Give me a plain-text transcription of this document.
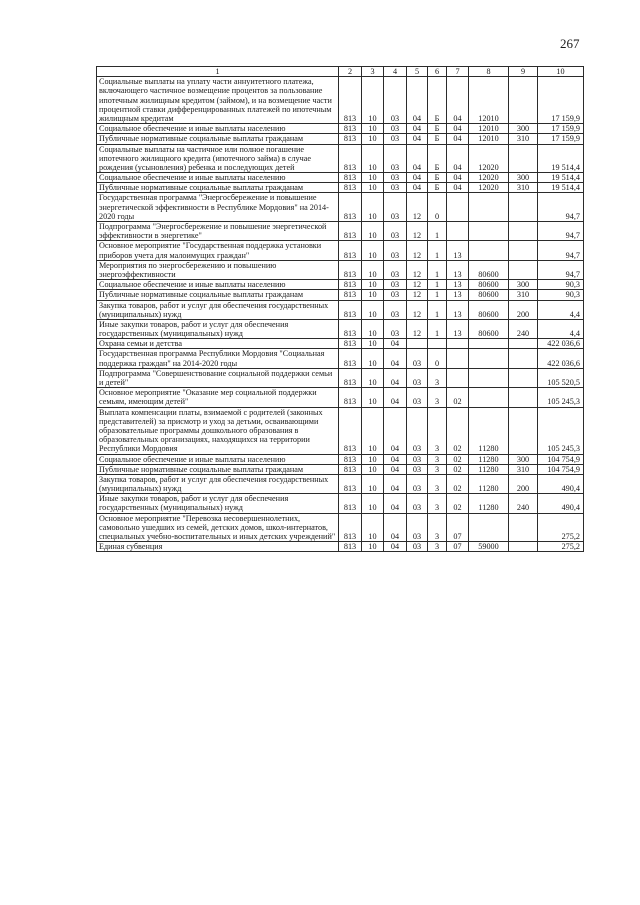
267
1	2	3	4	5	6	7	8	9	10
Социальные выплаты на уплату части аннуитетного платежа, включающего частичное возмещение процентов за пользование ипотечным жилищным кредитом (займом), и на возмещение части процентной ставки дифференцированных платежей по ипотечным жилищным кредитам	813	10	03	04	Б	04	12010		17 159,9
Социальное обеспечение и иные выплаты населению	813	10	03	04	Б	04	12010	300	17 159,9
Публичные нормативные социальные выплаты гражданам	813	10	03	04	Б	04	12010	310	17 159,9
Социальные выплаты на частичное или полное погашение ипотечного жилищного кредита (ипотечного займа) в случае рождения (усыновления) ребенка и последующих детей	813	10	03	04	Б	04	12020		19 514,4
Социальное обеспечение и иные выплаты населению	813	10	03	04	Б	04	12020	300	19 514,4
Публичные нормативные социальные выплаты гражданам	813	10	03	04	Б	04	12020	310	19 514,4
Государственная программа "Энергосбережение и повышение энергетической эффективности в Республике Мордовия" на 2014-2020 годы	813	10	03	12	0				94,7
Подпрограмма "Энергосбережение и повышение энергетической эффективности в энергетике"	813	10	03	12	1				94,7
Основное мероприятие "Государственная поддержка установки приборов учета для малоимущих граждан"	813	10	03	12	1	13			94,7
Мероприятия по энергосбережению и повышению энергоэффективности	813	10	03	12	1	13	80600		94,7
Социальное обеспечение и иные выплаты населению	813	10	03	12	1	13	80600	300	90,3
Публичные нормативные социальные выплаты гражданам	813	10	03	12	1	13	80600	310	90,3
Закупка товаров, работ и услуг для обеспечения государственных (муниципальных) нужд	813	10	03	12	1	13	80600	200	4,4
Иные закупки товаров, работ и услуг для обеспечения государственных (муниципальных) нужд	813	10	03	12	1	13	80600	240	4,4
Охрана семьи и детства	813	10	04						422 036,6
Государственная программа Республики Мордовия "Социальная поддержка граждан" на 2014-2020 годы	813	10	04	03	0				422 036,6
Подпрограмма "Совершенствование социальной поддержки семьи и детей"	813	10	04	03	3				105 520,5
Основное мероприятие "Оказание мер социальной поддержки семьям, имеющим детей"	813	10	04	03	3	02			105 245,3
Выплата компенсации платы, взимаемой с родителей (законных представителей) за присмотр и уход за детьми, осваивающими образовательные программы дошкольного образования в образовательных организациях, находящихся на территории Республики Мордовия	813	10	04	03	3	02	11280		105 245,3
Социальное обеспечение и иные выплаты населению	813	10	04	03	3	02	11280	300	104 754,9
Публичные нормативные социальные выплаты гражданам	813	10	04	03	3	02	11280	310	104 754,9
Закупка товаров, работ и услуг для обеспечения государственных (муниципальных) нужд	813	10	04	03	3	02	11280	200	490,4
Иные закупки товаров, работ и услуг для обеспечения государственных (муниципальных) нужд	813	10	04	03	3	02	11280	240	490,4
Основное мероприятие "Перевозка несовершеннолетних, самовольно ушедших из семей, детских домов, школ-интернатов, специальных учебно-воспитательных и иных детских учреждений"	813	10	04	03	3	07			275,2
Единая субвенция	813	10	04	03	3	07	59000		275,2
